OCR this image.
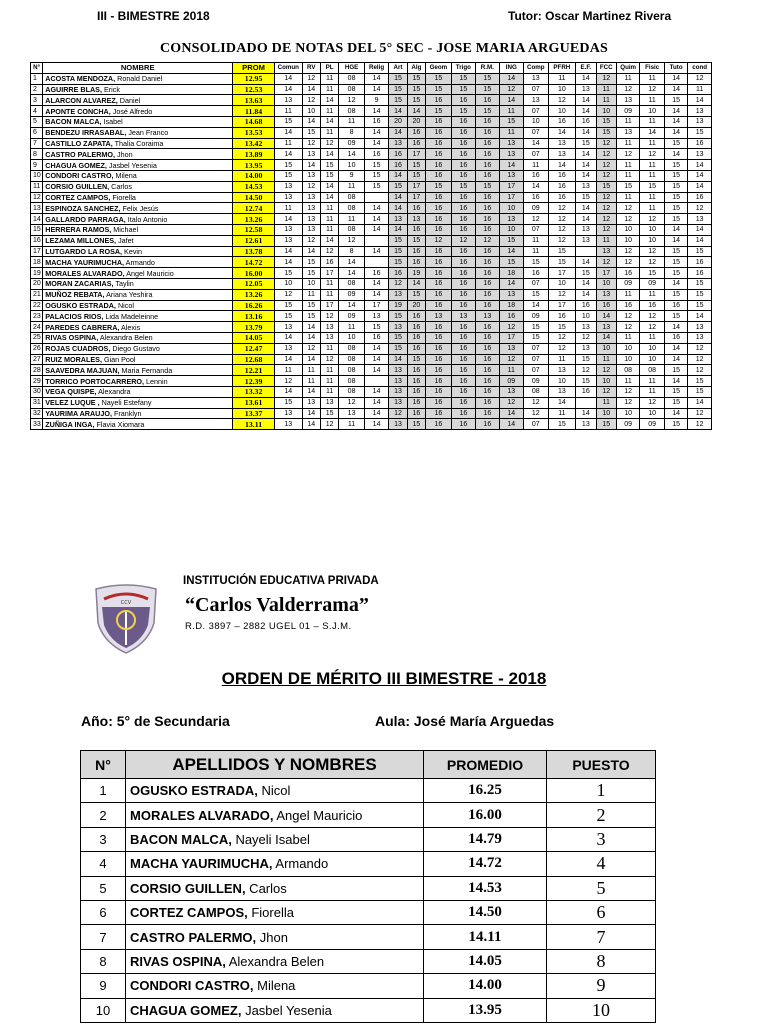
III - BIMESTRE 2018	Tutor: Oscar Martinez Rivera
CONSOLIDADO DE NOTAS DEL 5° SEC - JOSE MARIA ARGUEDAS
N°	NOMBRE	PROM	Comun	RV	PL	HGE	Relig	Art	Alg	Geom	Trigo	R.M.	ING	Comp	PFRH	E.F.	FCC	Quim	Fisic	Tuto	cond
1	ACOSTA MENDOZA, Ronald Daniel	12.95	14	12	11	08	14	15	15	15	15	15	14	13	11	14	12	11	11	14	12
2	AGUIRRE BLAS, Erick	12.53	14	14	11	08	14	15	15	15	15	15	12	07	10	13	11	12	12	14	11
3	ALARCON ALVAREZ, Daniel	13.63	13	12	14	12	9	15	15	16	16	16	14	13	12	14	11	13	11	15	14
4	APONTE CONCHA, José Alfredo	11.84	11	10	11	08	14	14	14	15	15	15	11	07	10	14	10	09	10	14	13
5	BACON MALCA, Isabel	14.68	15	14	14	11	16	20	20	16	16	16	15	10	16	16	15	11	11	14	13
6	BENDEZU IRRASABAL, Jean Franco	13.53	14	15	11	8	14	14	16	16	16	16	11	07	14	14	15	13	14	14	15
7	CASTILLO ZAPATA, Thalia Coraima	13.42	11	12	12	09	14	13	16	16	16	16	13	14	13	15	12	11	11	15	16
8	CASTRO PALERMO, Jhon	13.89	14	13	14	14	16	16	17	16	16	16	13	07	13	14	12	12	12	14	13
9	CHAGUA GOMEZ, Jasbel Yesenia	13.95	15	14	15	10	15	16	15	16	16	16	14	11	14	14	12	11	11	15	14
10	CONDORI CASTRO, Milena	14.00	15	13	15	9	15	14	15	16	16	16	13	16	16	14	12	11	11	15	14
11	CORSIO GUILLEN, Carlos	14.53	13	12	14	11	15	15	17	15	15	15	17	14	16	13	15	15	15	15	14
12	CORTEZ CAMPOS, Fiorella	14.50	13	13	14	08		14	17	16	16	16	17	16	16	15	12	11	11	15	16
13	ESPINOZA SANCHEZ, Felix Jesús	12.74	11	13	11	08	14	14	16	16	16	16	10	09	12	14	12	12	11	15	12
14	GALLARDO PARRAGA, Italo Antonio	13.26	14	13	11	11	14	13	13	16	16	16	13	12	12	14	12	12	12	15	13
15	HERRERA RAMOS, Michael	12.58	13	13	11	08	14	14	16	16	16	16	10	07	12	13	12	10	10	14	14
16	LEZAMA MILLONES, Jafet	12.61	13	12	14	12		15	15	12	12	12	15	11	12	13	11	10	10	14	14
17	LUTGARDO LA ROSA, Kevin	13.78	14	14	12	8	14	15	16	16	16	16	14	11	15		13	12	12	15	15
18	MACHA YAURIMUCHA, Armando	14.72	14	15	16	14		15	16	16	16	16	15	15	15	14	12	12	12	15	16
19	MORALES ALVARADO, Angel Mauricio	16.00	15	15	17	14	16	16	19	16	16	16	18	16	17	15	17	16	15	15	16
20	MORAN ZACARIAS, Taylin	12.05	10	10	11	08	14	12	14	16	16	16	14	07	10	14	10	09	09	14	15
21	MUÑOZ REBATA, Ariana Yeshira	13.26	12	11	11	09	14	13	15	16	16	16	13	15	12	14	13	11	11	15	15
22	OGUSKO ESTRADA, Nicol	16.26	15	15	17	14	17	19	20	16	16	16	18	14	17	16	16	16	16	16	15
23	PALACIOS RIOS, Lida Madeleinne	13.16	15	15	12	09	13	15	16	13	13	13	16	09	16	10	14	12	12	15	14
24	PAREDES CABRERA, Alexis	13.79	13	14	13	11	15	13	16	16	16	16	12	15	15	13	13	12	12	14	13
25	RIVAS OSPINA, Alexandra Belen	14.05	14	14	13	10	16	15	16	16	16	16	17	15	12	12	14	11	11	16	13
26	ROJAS CUADROS, Diego Gustavo	12.47	13	12	11	08	14	15	16	16	16	16	13	07	12	13	10	10	10	14	12
27	RUIZ MORALES, Gian Pool	12.68	14	14	12	08	14	14	15	16	16	16	12	07	11	15	11	10	10	14	12
28	SAAVEDRA MAJUAN, Maria Fernanda	12.21	11	11	11	08	14	13	16	16	16	16	11	07	13	12	12	08	08	15	12
29	TORRICO PORTOCARRERO, Lennin	12.39	12	11	11	08		13	16	16	16	16	09	09	10	15	10	11	11	14	15
30	VEGA QUISPE, Alexandra	13.32	14	14	11	08	14	13	16	16	16	16	13	08	13	16	12	12	11	15	15
31	VELEZ LUQUE , Nayeli Estefany	13.61	15	13	13	12	14	13	16	16	16	16	12	12	14		11	12	12	15	14
32	YAURIMA ARAUJO, Franklyn	13.37	13	14	15	13	14	12	16	16	16	16	14	12	11	14	10	10	10	14	12
33	ZUÑIGA INGA, Flavia Xiomara	13.11	13	14	12	11	14	13	15	16	16	16	14	07	15	13	15	09	09	15	12
CCV
INSTITUCIÓN EDUCATIVA PRIVADA
“Carlos Valderrama”
R.D. 3897 – 2882 UGEL 01 – S.J.M.
ORDEN DE MÉRITO III BIMESTRE - 2018
Año: 5° de Secundaria	Aula: José María Arguedas
N°	APELLIDOS Y NOMBRES	PROMEDIO	PUESTO
1	OGUSKO ESTRADA, Nicol	16.25	1
2	MORALES ALVARADO, Angel Mauricio	16.00	2
3	BACON MALCA, Nayeli Isabel	14.79	3
4	MACHA YAURIMUCHA, Armando	14.72	4
5	CORSIO GUILLEN, Carlos	14.53	5
6	CORTEZ CAMPOS, Fiorella	14.50	6
7	CASTRO PALERMO, Jhon	14.11	7
8	RIVAS OSPINA, Alexandra Belen	14.05	8
9	CONDORI CASTRO, Milena	14.00	9
10	CHAGUA GOMEZ, Jasbel Yesenia	13.95	10
